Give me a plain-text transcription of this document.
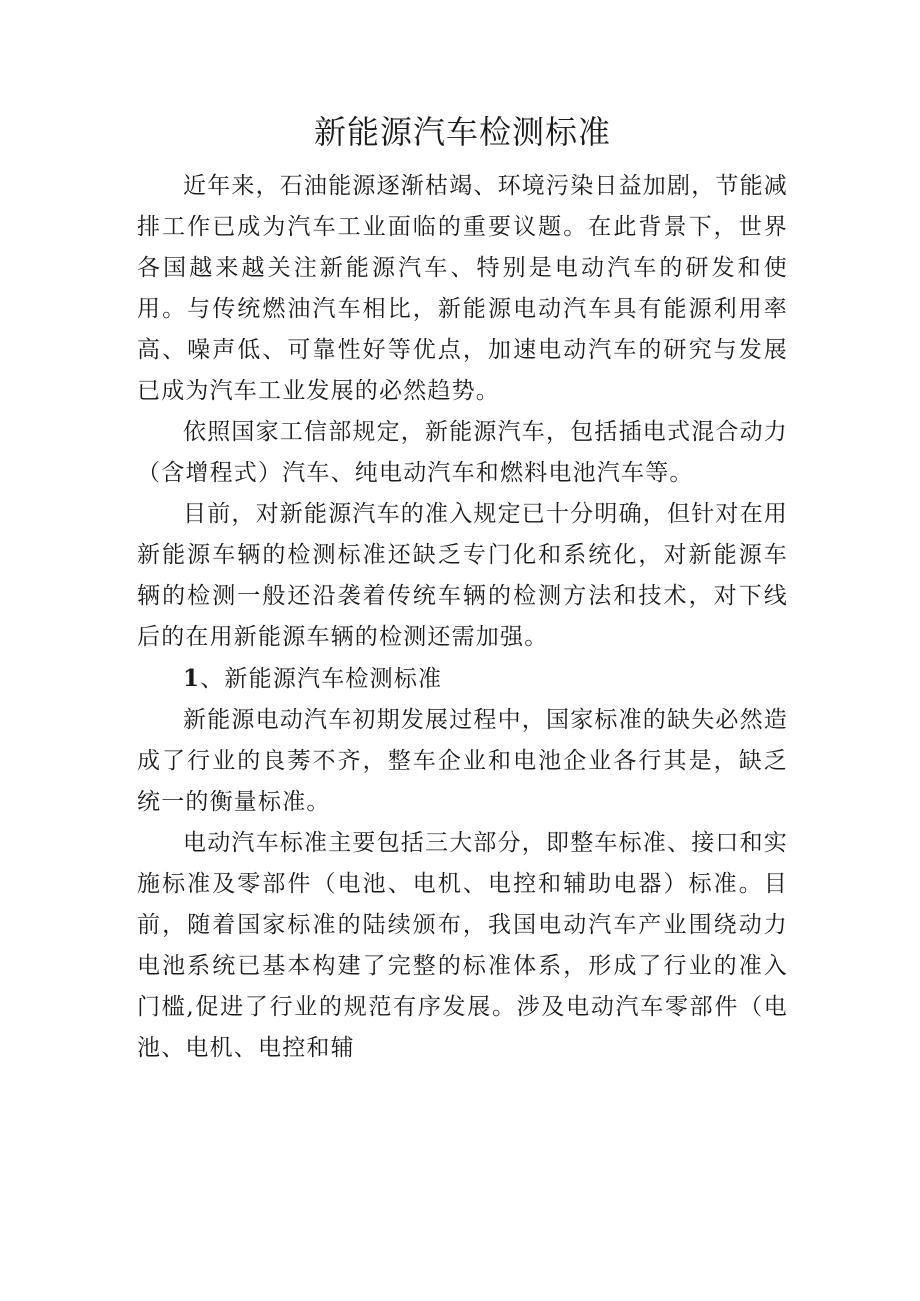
新能源汽车检测标准

近年来，石油能源逐渐枯竭、环境污染日益加剧，节能减排工作已成为汽车工业面临的重要议题。在此背景下，世界各国越来越关注新能源汽车、特别是电动汽车的研发和使用。与传统燃油汽车相比，新能源电动汽车具有能源利用率高、噪声低、可靠性好等优点，加速电动汽车的研究与发展已成为汽车工业发展的必然趋势。

依照国家工信部规定，新能源汽车，包括插电式混合动力（含增程式）汽车、纯电动汽车和燃料电池汽车等。

目前，对新能源汽车的准入规定已十分明确，但针对在用新能源车辆的检测标准还缺乏专门化和系统化，对新能源车辆的检测一般还沿袭着传统车辆的检测方法和技术，对下线后的在用新能源车辆的检测还需加强。

1、新能源汽车检测标准

新能源电动汽车初期发展过程中，国家标准的缺失必然造成了行业的良莠不齐，整车企业和电池企业各行其是，缺乏统一的衡量标准。

电动汽车标准主要包括三大部分，即整车标准、接口和实施标准及零部件（电池、电机、电控和辅助电器）标准。目前，随着国家标准的陆续颁布，我国电动汽车产业围绕动力电池系统已基本构建了完整的标准体系，形成了行业的准入门槛,促进了行业的规范有序发展。涉及电动汽车零部件（电池、电机、电控和辅
